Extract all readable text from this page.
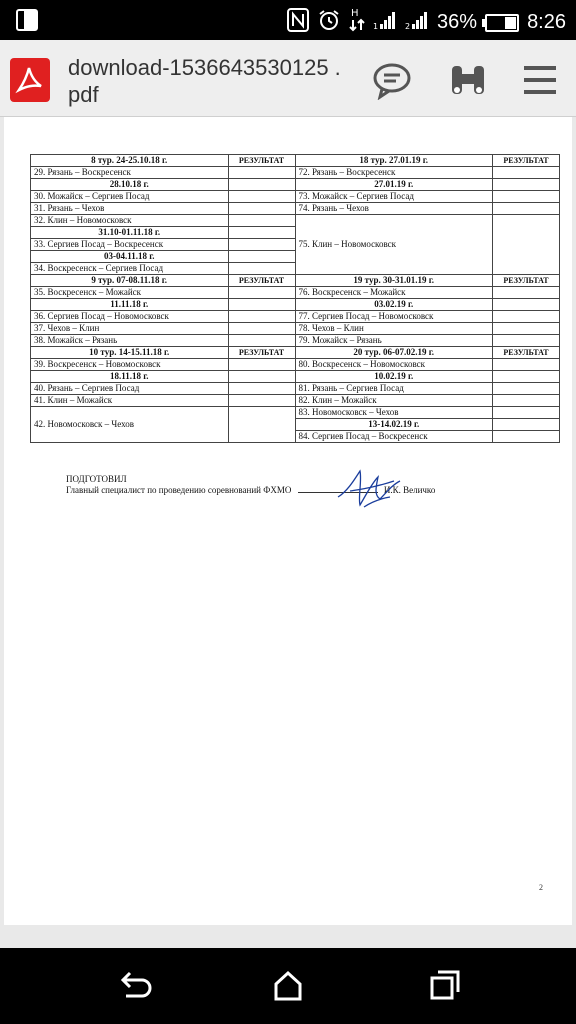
H
1	2 36%	8:26
download-1536643530125 .pdf
8 тур. 24-25.10.18 г.	РЕЗУЛЬТАТ	18 тур. 27.01.19 г.	РЕЗУЛЬТАТ
29. Рязань – Воскресенск		72. Рязань – Воскресенск	
28.10.18 г.		27.01.19 г.	
30. Можайск – Сергиев Посад		73. Можайск – Сергиев Посад	
31. Рязань – Чехов		74. Рязань – Чехов	
32. Клин – Новомосковск		75. Клин – Новомосковск	
31.10-01.11.18 г.			
33. Сергиев Посад – Воскресенск			
03-04.11.18 г.			
34. Воскресенск – Сергиев Посад			
9 тур. 07-08.11.18 г.	РЕЗУЛЬТАТ	19 тур. 30-31.01.19 г.	РЕЗУЛЬТАТ
35. Воскресенск – Можайск		76. Воскресенск – Можайск	
11.11.18 г.		03.02.19 г.	
36. Сергиев Посад – Новомосковск		77. Сергиев Посад – Новомосковск	
37. Чехов – Клин		78. Чехов – Клин	
38. Можайск – Рязань		79. Можайск – Рязань	
10 тур. 14-15.11.18 г.	РЕЗУЛЬТАТ	20 тур. 06-07.02.19 г.	РЕЗУЛЬТАТ
39. Воскресенск – Новомосковск		80. Воскресенск – Новомосковск	
18.11.18 г.		10.02.19 г.	
40. Рязань – Сергиев Посад		81. Рязань – Сергиев Посад	
41. Клин – Можайск		82. Клин – Можайск	
42. Новомосковск – Чехов		83. Новомосковск – Чехов	
		13-14.02.19 г.	
		84. Сергиев Посад – Воскресенск	
ПОДГОТОВИЛ
Главный специалист по проведению соревнований ФХМО	И.К. Величко
2
